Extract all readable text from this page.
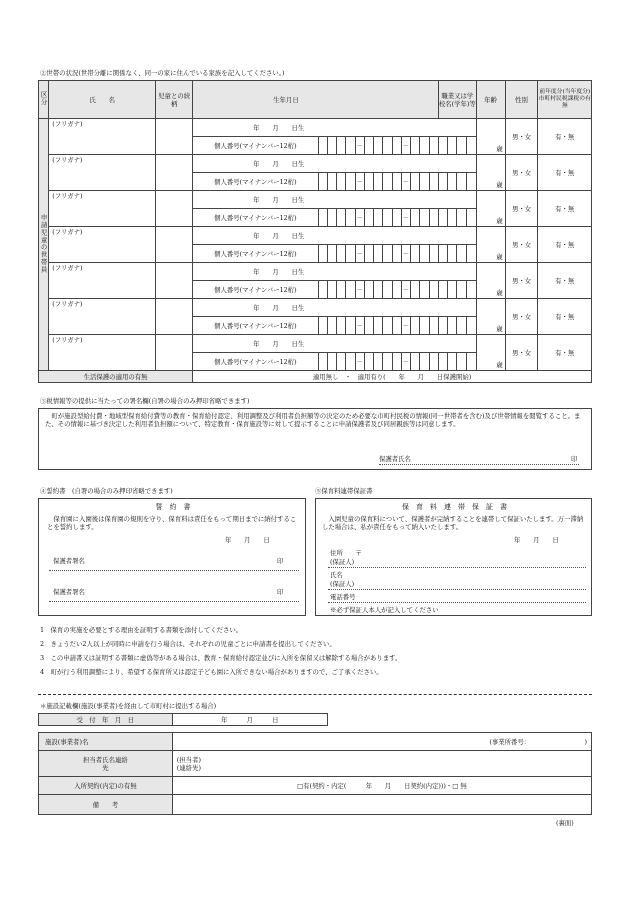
②世帯の状況(世帯分離に関係なく、同一の家に住んでいる家族を記入してください。)
区分	氏　　名	児童との続柄	生年月日														職業又は学校名(学年)等				年齢	性別	前年度分(当年度分)市町村民税課税の有無
申請児童の世帯員	(フリガナ)		年　　月　　日生																		歳	男・女	有・無
			個人番号(マイナンバー12桁)					－					－										
	(フリガナ)		年　　月　　日生																		歳	男・女	有・無
			個人番号(マイナンバー12桁)					－					－										
	(フリガナ)		年　　月　　日生																		歳	男・女	有・無
			個人番号(マイナンバー12桁)					－					－										
	(フリガナ)		年　　月　　日生																		歳	男・女	有・無
			個人番号(マイナンバー12桁)					－					－										
	(フリガナ)		年　　月　　日生																		歳	男・女	有・無
			個人番号(マイナンバー12桁)					－					－										
	(フリガナ)		年　　月　　日生																		歳	男・女	有・無
			個人番号(マイナンバー12桁)					－					－										
	(フリガナ)		年　　月　　日生																		歳	男・女	有・無
			個人番号(マイナンバー12桁)					－					－										
生活保護の適用の有無			適用無し　・　適用有り(　　年　　月　　日保護開始)																				
③税情報等の提供に当たっての署名欄(自署の場合のみ押印省略できます)
町が施設型給付費・地域型保育給付費等の教育・保育給付認定、利用調整及び利用者負担額等の決定のため必要な市町村民税の情報(同一世帯者を含む)及び世帯情報を閲覧すること。また、その情報に基づき決定した利用者負担額について、特定教育・保育施設等に対して提示することに申請保護者及び同居親族等は同意します。
保護者氏名	印
④誓約書　(自署の場合のみ押印省略できます)
誓　約　書
保育園に入園後は保育園の規則を守り、保育料は責任をもって期日までに納付することを誓約します。
年　　月　　日
保護者署名	印
保護者署名	印
⑤保育料連帯保証書
保　育　料　連　帯　保　証　書
入園児童の保育料について、保護者が完納することを連帯して保証いたします。万一滞納した場合は、私が責任をもって納入いたします。
年　　月　　日
住所　　〒
(保証人)
氏名
(保証人)
電話番号
※必ず保証人本人が記入してください
1　保育の実施を必要とする理由を証明する書類を添付してください。
2　きょうだい2人以上が同時に申請を行う場合は、それぞれの児童ごとに申請書を提出してください。
3　この申請書又は証明する書類に虚偽等がある場合は、教育・保育給付認定並びに入所を保留又は解除する場合があります。
4　町が行う利用調整により、希望する保育所又は認定子ども園に入所できない場合がありますので、ご了承ください。
＊施設記載欄(施設(事業者)を経由して市町村に提出する場合)
受　付　年　月　日	年　　　月　　　日
施設(事業者)名	(事業所番号：　　　　　　　　　)

担当者氏名連絡先	(担当者)
(連絡先)

入所契約(内定)の有無	□有(契約・内定(　　　年　　月　　日契約(内定)))・□ 無
備　　考	
(裏面)
